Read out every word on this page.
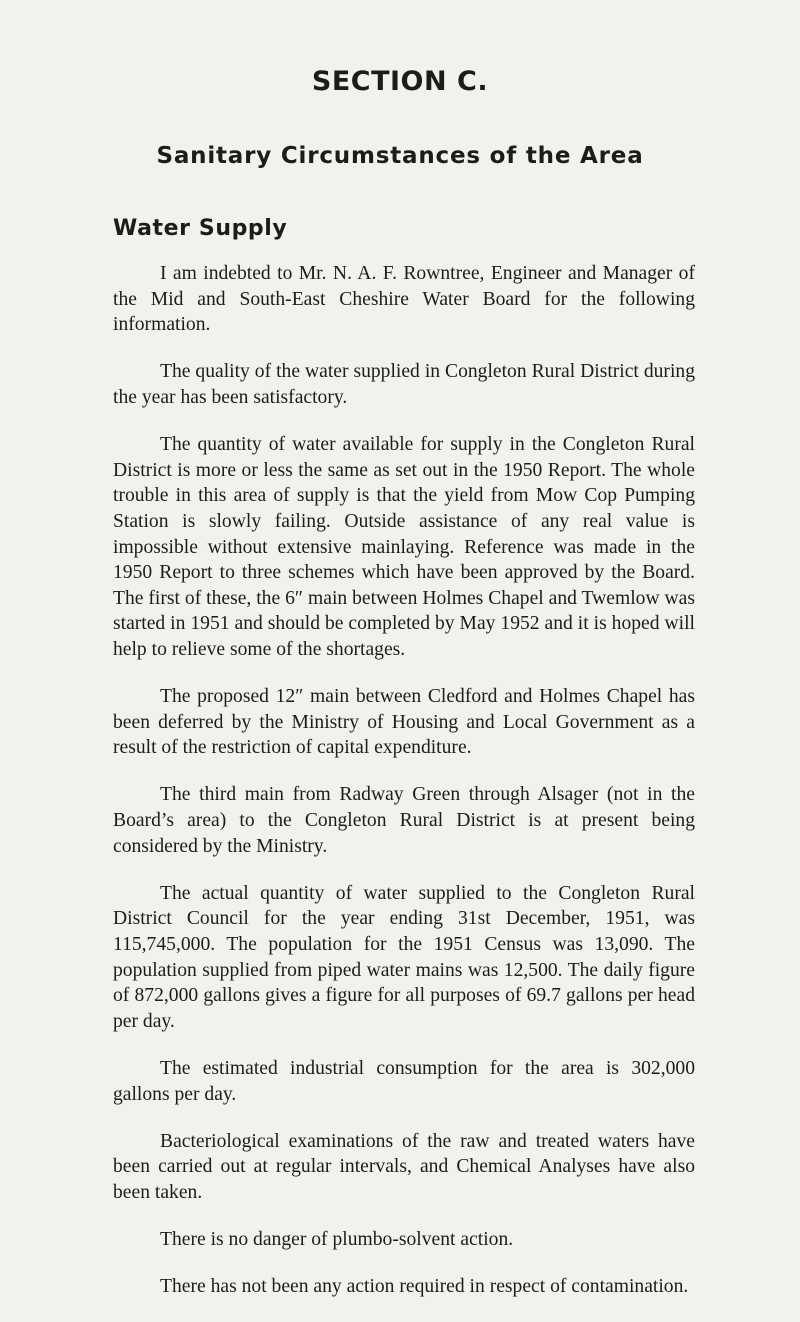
SECTION C.
Sanitary Circumstances of the Area
Water Supply

I am indebted to Mr. N. A. F. Rowntree, Engineer and Manager of the Mid and South-East Cheshire Water Board for the following information.

The quality of the water supplied in Congleton Rural District during the year has been satisfactory.

The quantity of water available for supply in the Congleton Rural District is more or less the same as set out in the 1950 Report. The whole trouble in this area of supply is that the yield from Mow Cop Pumping Station is slowly failing. Outside assistance of any real value is impossible without extensive mainlaying. Reference was made in the 1950 Report to three schemes which have been approved by the Board. The first of these, the 6″ main between Holmes Chapel and Twemlow was started in 1951 and should be completed by May 1952 and it is hoped will help to relieve some of the shortages.

The proposed 12″ main between Cledford and Holmes Chapel has been deferred by the Ministry of Housing and Local Government as a result of the restriction of capital expenditure.

The third main from Radway Green through Alsager (not in the Board’s area) to the Congleton Rural District is at present being considered by the Ministry.

The actual quantity of water supplied to the Congleton Rural District Council for the year ending 31st December, 1951, was 115,745,000. The population for the 1951 Census was 13,090. The population supplied from piped water mains was 12,500. The daily figure of 872,000 gallons gives a figure for all purposes of 69.7 gallons per head per day.

The estimated industrial consumption for the area is 302,000 gallons per day.

Bacteriological examinations of the raw and treated waters have been carried out at regular intervals, and Chemical Analyses have also been taken.

There is no danger of plumbo-solvent action.

There has not been any action required in respect of contamination.
